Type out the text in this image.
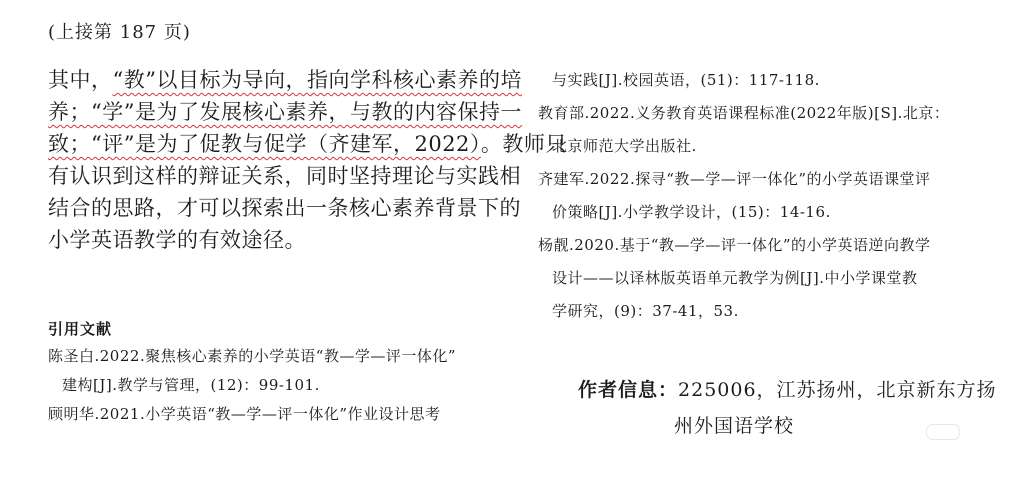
(上接第 187 页)
其中，“教”以目标为导向，指向学科核心素养的培
养；“学”是为了发展核心素养，与教的内容保持一
致；“评”是为了促教与促学（齐建军，2022）。教师只
有认识到这样的辩证关系，同时坚持理论与实践相
结合的思路，才可以探索出一条核心素养背景下的
小学英语教学的有效途径。
引用文献
陈圣白.2022.聚焦核心素养的小学英语“教—学—评一体化”
建构[J].教学与管理，(12)：99-101.
顾明华.2021.小学英语“教—学—评一体化”作业设计思考
与实践[J].校园英语，(51)：117-118.
教育部.2022.义务教育英语课程标准(2022年版)[S].北京：
北京师范大学出版社.
齐建军.2022.探寻“教—学—评一体化”的小学英语课堂评
价策略[J].小学教学设计，(15)：14-16.
杨靓.2020.基于“教—学—评一体化”的小学英语逆向教学
设计——以译林版英语单元教学为例[J].中小学课堂教
学研究，(9)：37-41，53.
作者信息：225006，江苏扬州，北京新东方扬
州外国语学校
